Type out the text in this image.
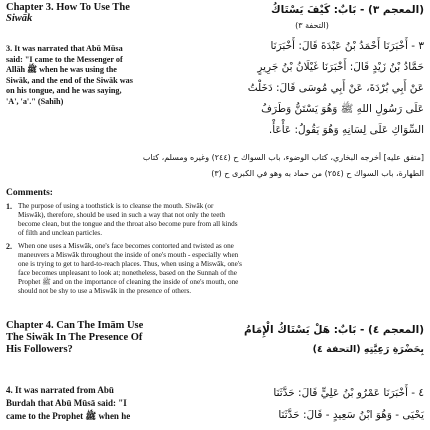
Chapter 3. How To Use The
Siwāk
3. It was narrated that Abū Mūsa
said: "I came to the Messenger of
Allāh ﷺ when he was using the
Siwāk, and the end of the Siwāk was
on his tongue, and he was saying,
'A', 'a'." (Sahīh)
(المعجم ٣) - بَابٌ: كَيْفَ يَسْتَاكُ
(التحفة ٣)
٣ - أَخْبَرَنَا أَحْمَدُ بْنُ عَبْدَةَ قَالَ: أَخْبَرَنَا
حَمَّادُ بْنُ زَيْدٍ قَالَ: أَخْبَرَنَا غَيْلَانُ بْنُ جَرِيرٍ
عَنْ أَبِي بُرْدَةَ، عَنْ أَبِي مُوسَى قَالَ: دَخَلْتُ
عَلَى رَسُولِ اللهِ ﷺ وَهُوَ يَسْتَنُّ وَطَرَفُ
السِّوَاكِ عَلَى لِسَانِهِ وَهُوَ يَقُولُ: عَأْعَأْ.
[متفق عليه] أخرجه البخاري، كتاب الوضوء، باب السواك ح (٢٤٤) وغيره ومسلم، كتاب
الطهارة، باب السواك ح (٢٥٤) من حماد به وهو في الكبرى ح (٣)
Comments:
1. The purpose of using a toothstick is to cleanse the mouth. Siwāk (or
Miswāk), therefore, should be used in such a way that not only the teeth
become clean, but the tongue and the throat also become pure from all kinds
of filth and unclean particles.
2. When one uses a Miswāk, one's face becomes contorted and twisted as one
maneuvers a Miswāk throughout the inside of one's mouth - especially when
one is trying to get to hard-to-reach places. Thus, when using a Miswāk, one's
face becomes unpleasant to look at; nonetheless, based on the Sunnah of the
Prophet ﷺ and on the importance of cleaning the inside of one's mouth, one
should not be shy to use a Miswāk in the presence of others.
Chapter 4. Can The Imām Use
The Siwāk In The Presence Of
His Followers?
4. It was narrated from Abū
Burdah that Abū Mūsā said: "I
came to the Prophet ﷺ when he
(المعجم ٤) - بَابٌ: هَلْ يَسْتَاكُ الْإِمَامُ
بِحَضْرَةِ رَعِيَّتِهِ (التحفة ٤)
٤ - أَخْبَرَنَا عَمْرُو بْنُ عَلِيٍّ قَالَ: حَدَّثَنَا
يَحْيَى - وَهُوَ ابْنُ سَعِيدٍ - قَالَ: حَدَّثَنَا
